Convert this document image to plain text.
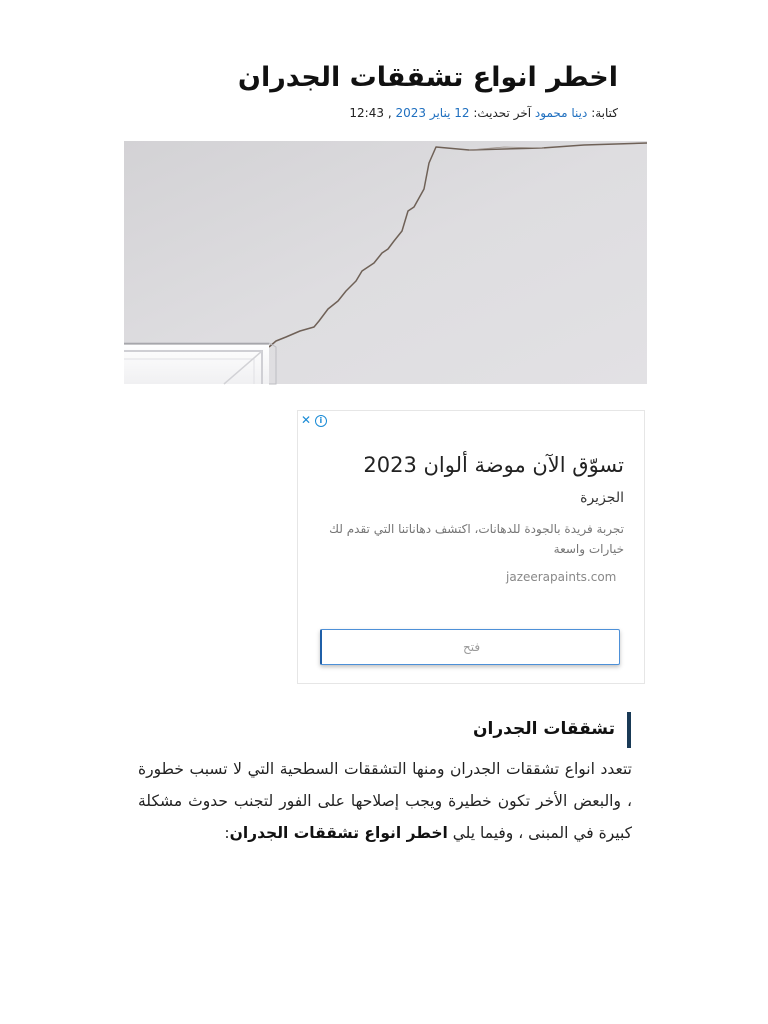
اخطر انواع تشققات الجدران
كتابة: دينا محمود آخر تحديث: 12 يناير 2023 , 12:43
✕ i
تسوّق الآن موضة ألوان 2023
الجزيرة
تجربة فريدة بالجودة للدهانات، اكتشف دهاناتنا التي تقدم لك خيارات واسعة
jazeerapaints.com
فتح
تشققات الجدران

تتعدد انواع تشققات الجدران ومنها التشققات السطحية التي لا تسبب خطورة ، والبعض الأخر تكون خطيرة ويجب إصلاحها على الفور لتجنب حدوث مشكلة كبيرة في المبنى ، وفيما يلي اخطر انواع تشققات الجدران:
